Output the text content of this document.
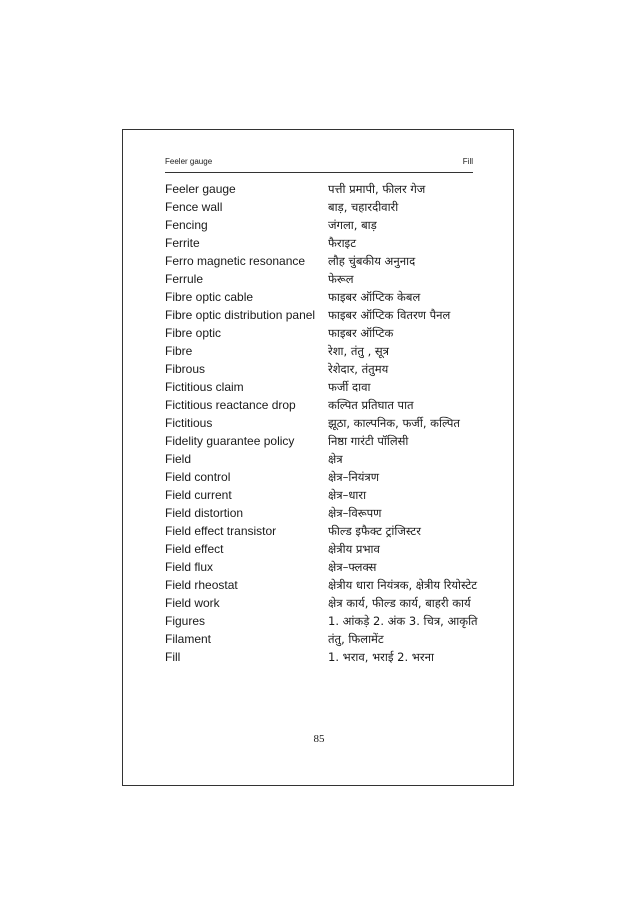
Feeler gauge	Fill
Feeler gauge	पत्ती प्रमापी, फीलर गेज
Fence wall	बाड़, चहारदीवारी
Fencing	जंगला, बाड़
Ferrite	फैराइट
Ferro magnetic resonance लौह चुंबकीय अनुनाद
Ferrule	फेरूल
Fibre optic cable	फाइबर ऑप्टिक केबल
Fibre optic distribution panel फाइबर ऑप्टिक वितरण पैनल
Fibre optic	फाइबर ऑप्टिक
Fibre	रेशा, तंतु , सूत्र
Fibrous	रेशेदार, तंतुमय
Fictitious claim	फर्जी दावा
Fictitious reactance drop	कल्पित प्रतिघात पात
Fictitious	झूठा, काल्पनिक, फर्जी, कल्पित
Fidelity guarantee policy	निष्ठा गारंटी पॉलिसी
Field	क्षेत्र
Field control	क्षेत्र–नियंत्रण
Field current	क्षेत्र–धारा
Field distortion	क्षेत्र–विरूपण
Field effect transistor	फील्ड इफैक्ट ट्रांजिस्टर
Field effect	क्षेत्रीय प्रभाव
Field flux	क्षेत्र–फ्लक्स
Field rheostat	क्षेत्रीय धारा नियंत्रक, क्षेत्रीय रियोस्टेट
Field work	क्षेत्र कार्य, फील्ड कार्य, बाहरी कार्य
Figures	1. आंकड़े 2. अंक 3. चित्र, आकृति
Filament	तंतु, फिलामेंट
Fill	1. भराव, भराई 2. भरना
85
